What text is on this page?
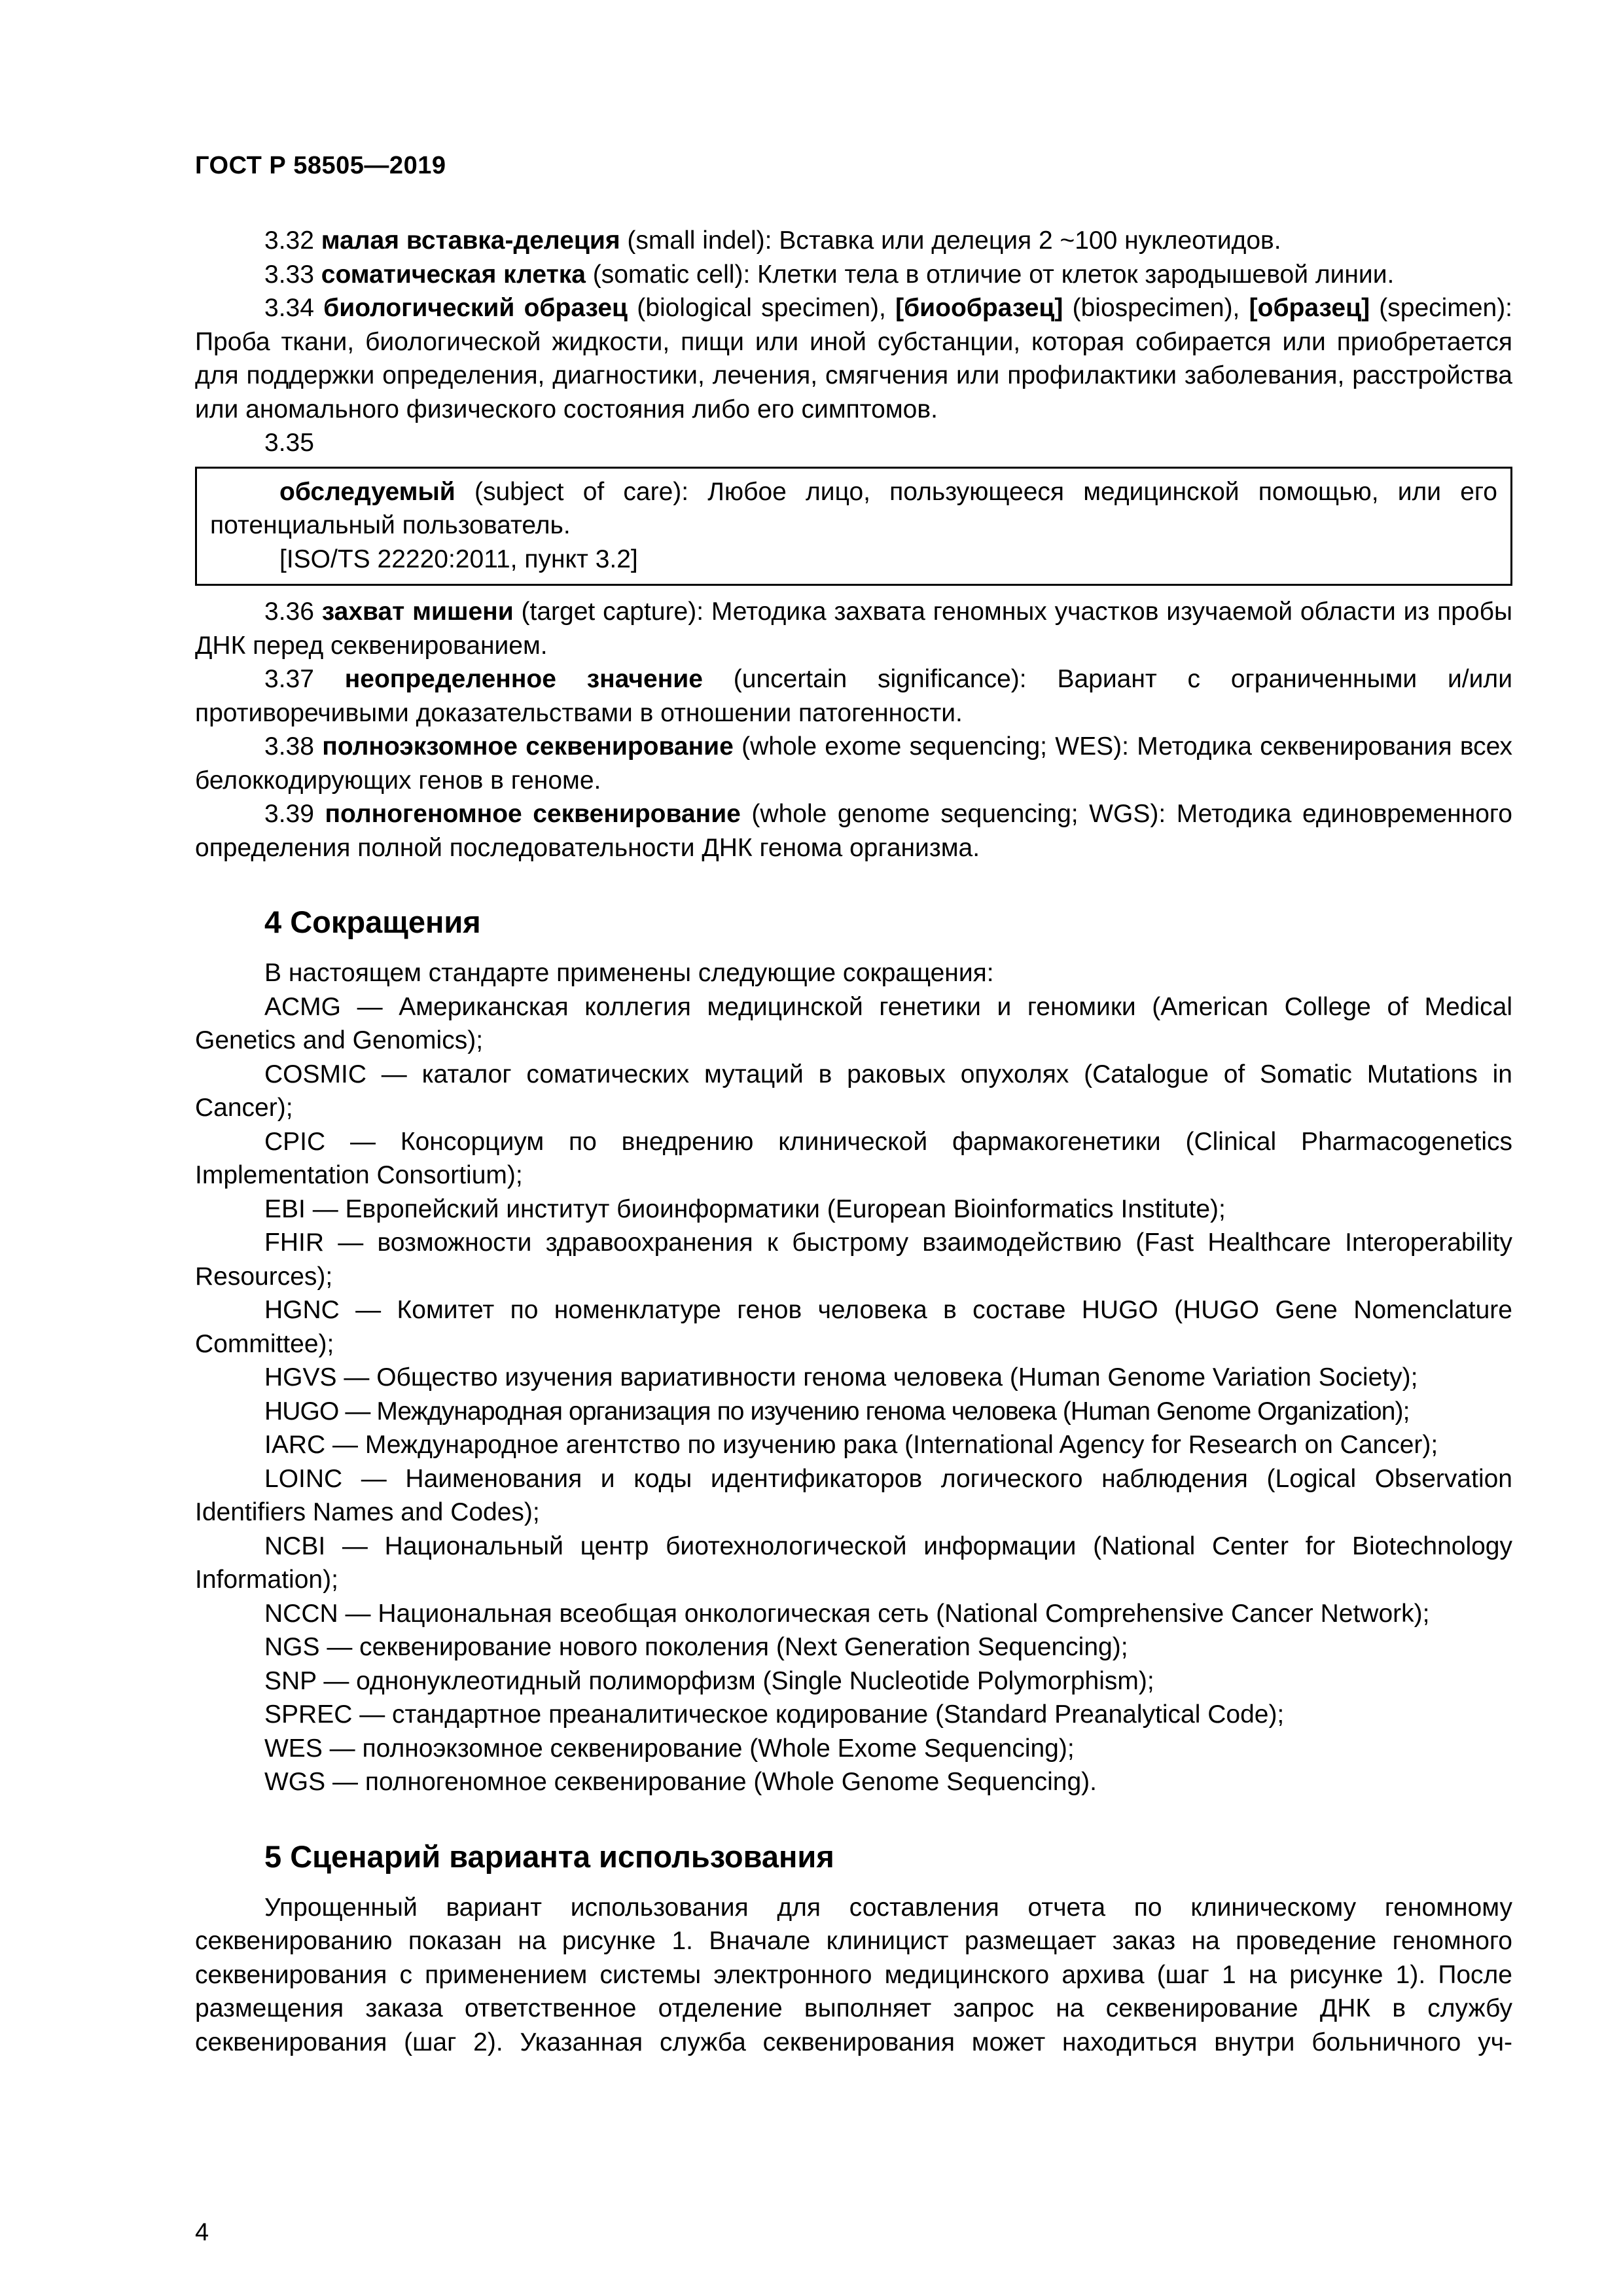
ГОСТ Р 58505—2019

3.32 малая вставка-делеция (small indel): Вставка или делеция 2 ~100 нуклеотидов.

3.33 соматическая клетка (somatic cell): Клетки тела в отличие от клеток зародышевой линии.

3.34 биологический образец (biological specimen), [биообразец] (biospecimen), [образец] (specimen): Проба ткани, биологической жидкости, пищи или иной субстанции, которая собирается или приобретается для поддержки определения, диагностики, лечения, смягчения или профилактики заболевания, расстройства или аномального физического состояния либо его симптомов.

3.35

обследуемый (subject of care): Любое лицо, пользующееся медицинской помощью, или его потенциальный пользователь.

[ISO/TS 22220:2011, пункт 3.2]

3.36 захват мишени (target capture): Методика захвата геномных участков изучаемой области из пробы ДНК перед секвенированием.

3.37 неопределенное значение (uncertain significance): Вариант с ограниченными и/или противоречивыми доказательствами в отношении патогенности.

3.38 полноэкзомное секвенирование (whole exome sequencing; WES): Методика секвенирования всех белоккодирующих генов в геноме.

3.39 полногеномное секвенирование (whole genome sequencing; WGS): Методика единовременного определения полной последовательности ДНК генома организма.

4 Сокращения

В настоящем стандарте применены следующие сокращения:

ACMG — Американская коллегия медицинской генетики и геномики (American College of Medical Genetics and Genomics);

COSMIC — каталог соматических мутаций в раковых опухолях (Catalogue of Somatic Mutations in Cancer);

CPIC — Консорциум по внедрению клинической фармакогенетики (Clinical Pharmacogenetics Implementation Consortium);

EBI — Европейский институт биоинформатики (European Bioinformatics Institute);

FHIR — возможности здравоохранения к быстрому взаимодействию (Fast Healthcare Interoperability Resources);

HGNC — Комитет по номенклатуре генов человека в составе HUGO (HUGO Gene Nomenclature Committee);

HGVS — Общество изучения вариативности генома человека (Human Genome Variation Society);

HUGO — Международная организация по изучению генома человека (Human Genome Organization);

IARC — Международное агентство по изучению рака (International Agency for Research on Cancer);

LOINC — Наименования и коды идентификаторов логического наблюдения (Logical Observation Identifiers Names and Codes);

NCBI — Национальный центр биотехнологической информации (National Center for Biotechnology Information);

NCCN — Национальная всеобщая онкологическая сеть (National Comprehensive Cancer Network);

NGS — секвенирование нового поколения (Next Generation Sequencing);

SNP — однонуклеотидный полиморфизм (Single Nucleotide Polymorphism);

SPREC — стандартное преаналитическое кодирование (Standard Preanalytical Code);

WES — полноэкзомное секвенирование (Whole Exome Sequencing);

WGS — полногеномное секвенирование (Whole Genome Sequencing).

5 Сценарий варианта использования

Упрощенный вариант использования для составления отчета по клиническому геномному секвенированию показан на рисунке 1. Вначале клиницист размещает заказ на проведение геномного секвенирования с применением системы электронного медицинского архива (шаг 1 на рисунке 1). После размещения заказа ответственное отделение выполняет запрос на секвенирование ДНК в службу секвенирования (шаг 2). Указанная служба секвенирования может находиться внутри больничного уч-

4
